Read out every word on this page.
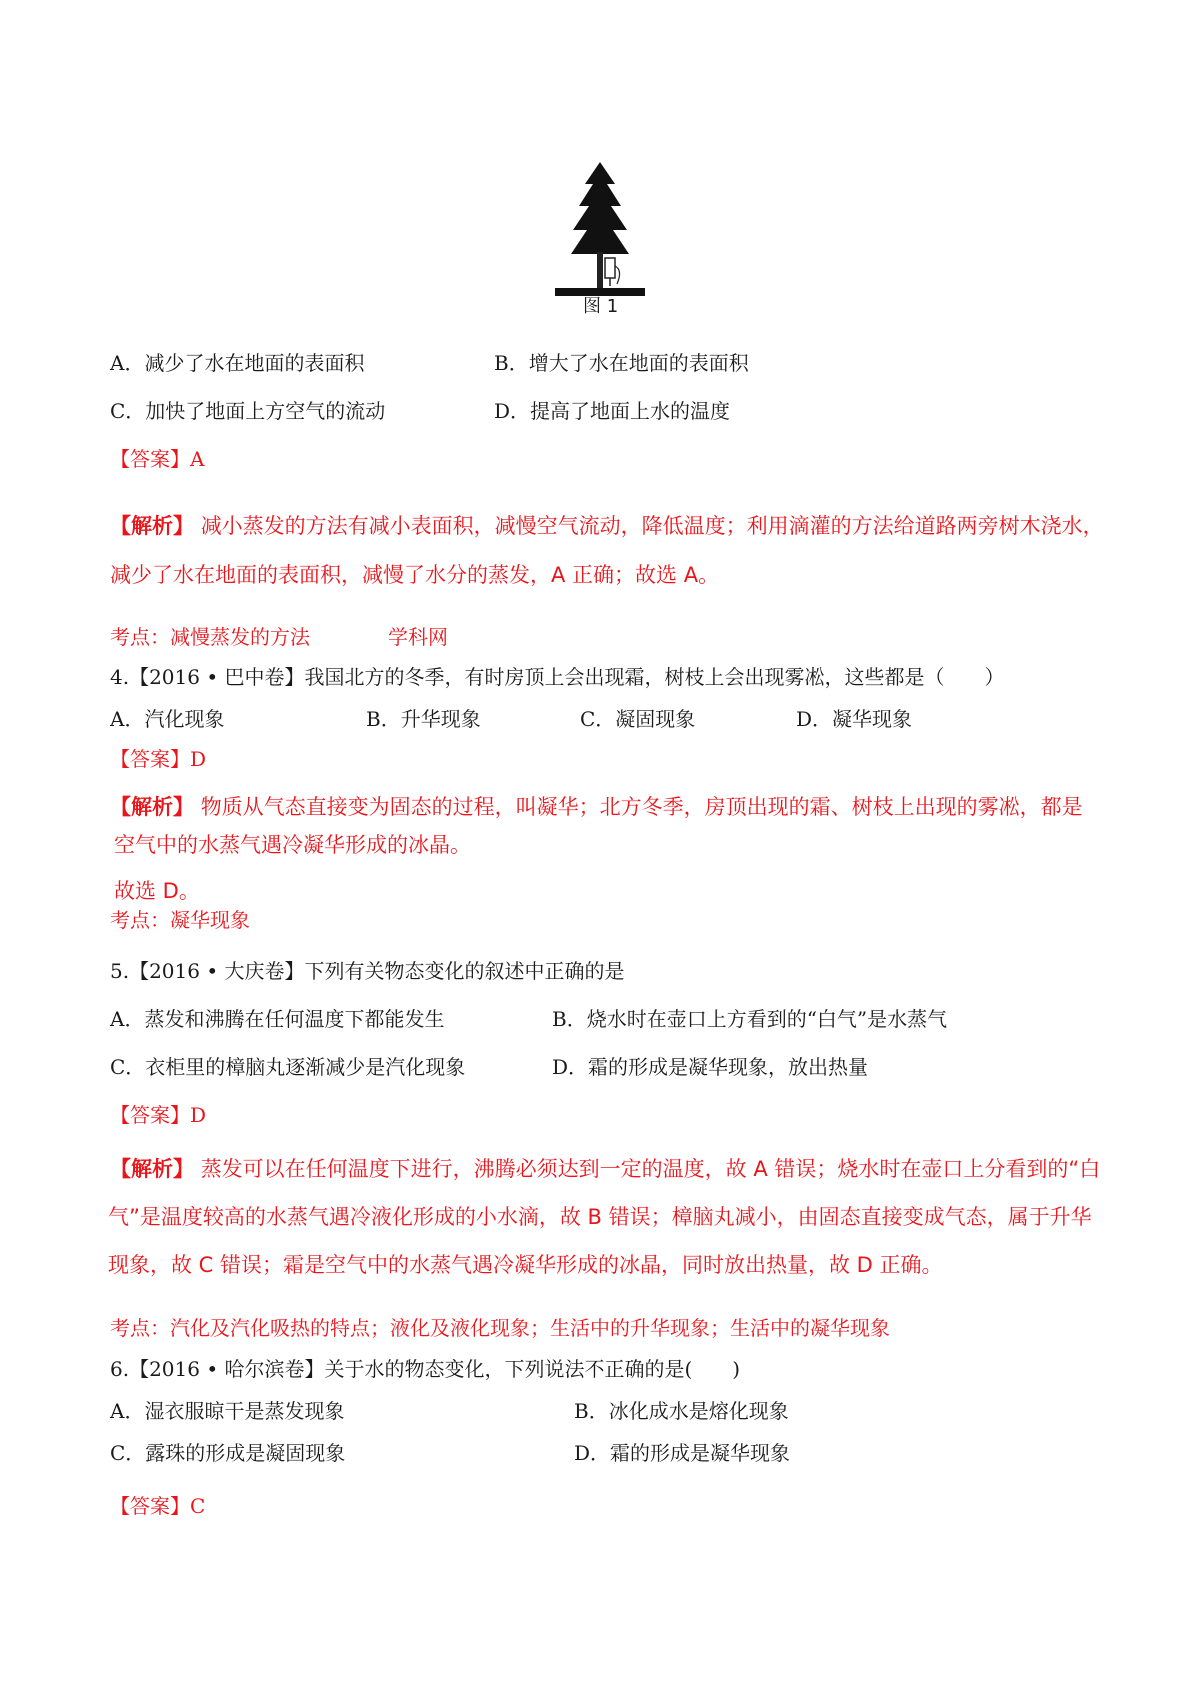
图 1
A．减少了水在地面的表面积	B．增大了水在地面的表面积
C．加快了地面上方空气的流动	D．提高了地面上水的温度
【答案】A
【解析】 减小蒸发的方法有减小表面积，减慢空气流动，降低温度；利用滴灌的方法给道路两旁树木浇水，
减少了水在地面的表面积，减慢了水分的蒸发，A 正确；故选 A。
考点：减慢蒸发的方法	学科网
4.【2016 • 巴中卷】我国北方的冬季，有时房顶上会出现霜，树枝上会出现雾凇，这些都是（　　）
A．汽化现象	B．升华现象	C．凝固现象	D．凝华现象
【答案】D
【解析】 物质从气态直接变为固态的过程，叫凝华；北方冬季，房顶出现的霜、树枝上出现的雾凇，都是
空气中的水蒸气遇冷凝华形成的冰晶。
故选 D。
考点：凝华现象
5.【2016 • 大庆卷】下列有关物态变化的叙述中正确的是
A．蒸发和沸腾在任何温度下都能发生	B．烧水时在壶口上方看到的“白气”是水蒸气
C．衣柜里的樟脑丸逐渐减少是汽化现象	D．霜的形成是凝华现象，放出热量
【答案】D
【解析】 蒸发可以在任何温度下进行，沸腾必须达到一定的温度，故 A 错误；烧水时在壶口上分看到的“白
气”是温度较高的水蒸气遇冷液化形成的小水滴，故 B 错误；樟脑丸减小，由固态直接变成气态，属于升华
现象，故 C 错误；霜是空气中的水蒸气遇冷凝华形成的冰晶，同时放出热量，故 D 正确。
考点：汽化及汽化吸热的特点；液化及液化现象；生活中的升华现象；生活中的凝华现象
6.【2016 • 哈尔滨卷】关于水的物态变化，下列说法不正确的是(　　)
A．湿衣服晾干是蒸发现象	B．冰化成水是熔化现象
C．露珠的形成是凝固现象	D．霜的形成是凝华现象
【答案】C
